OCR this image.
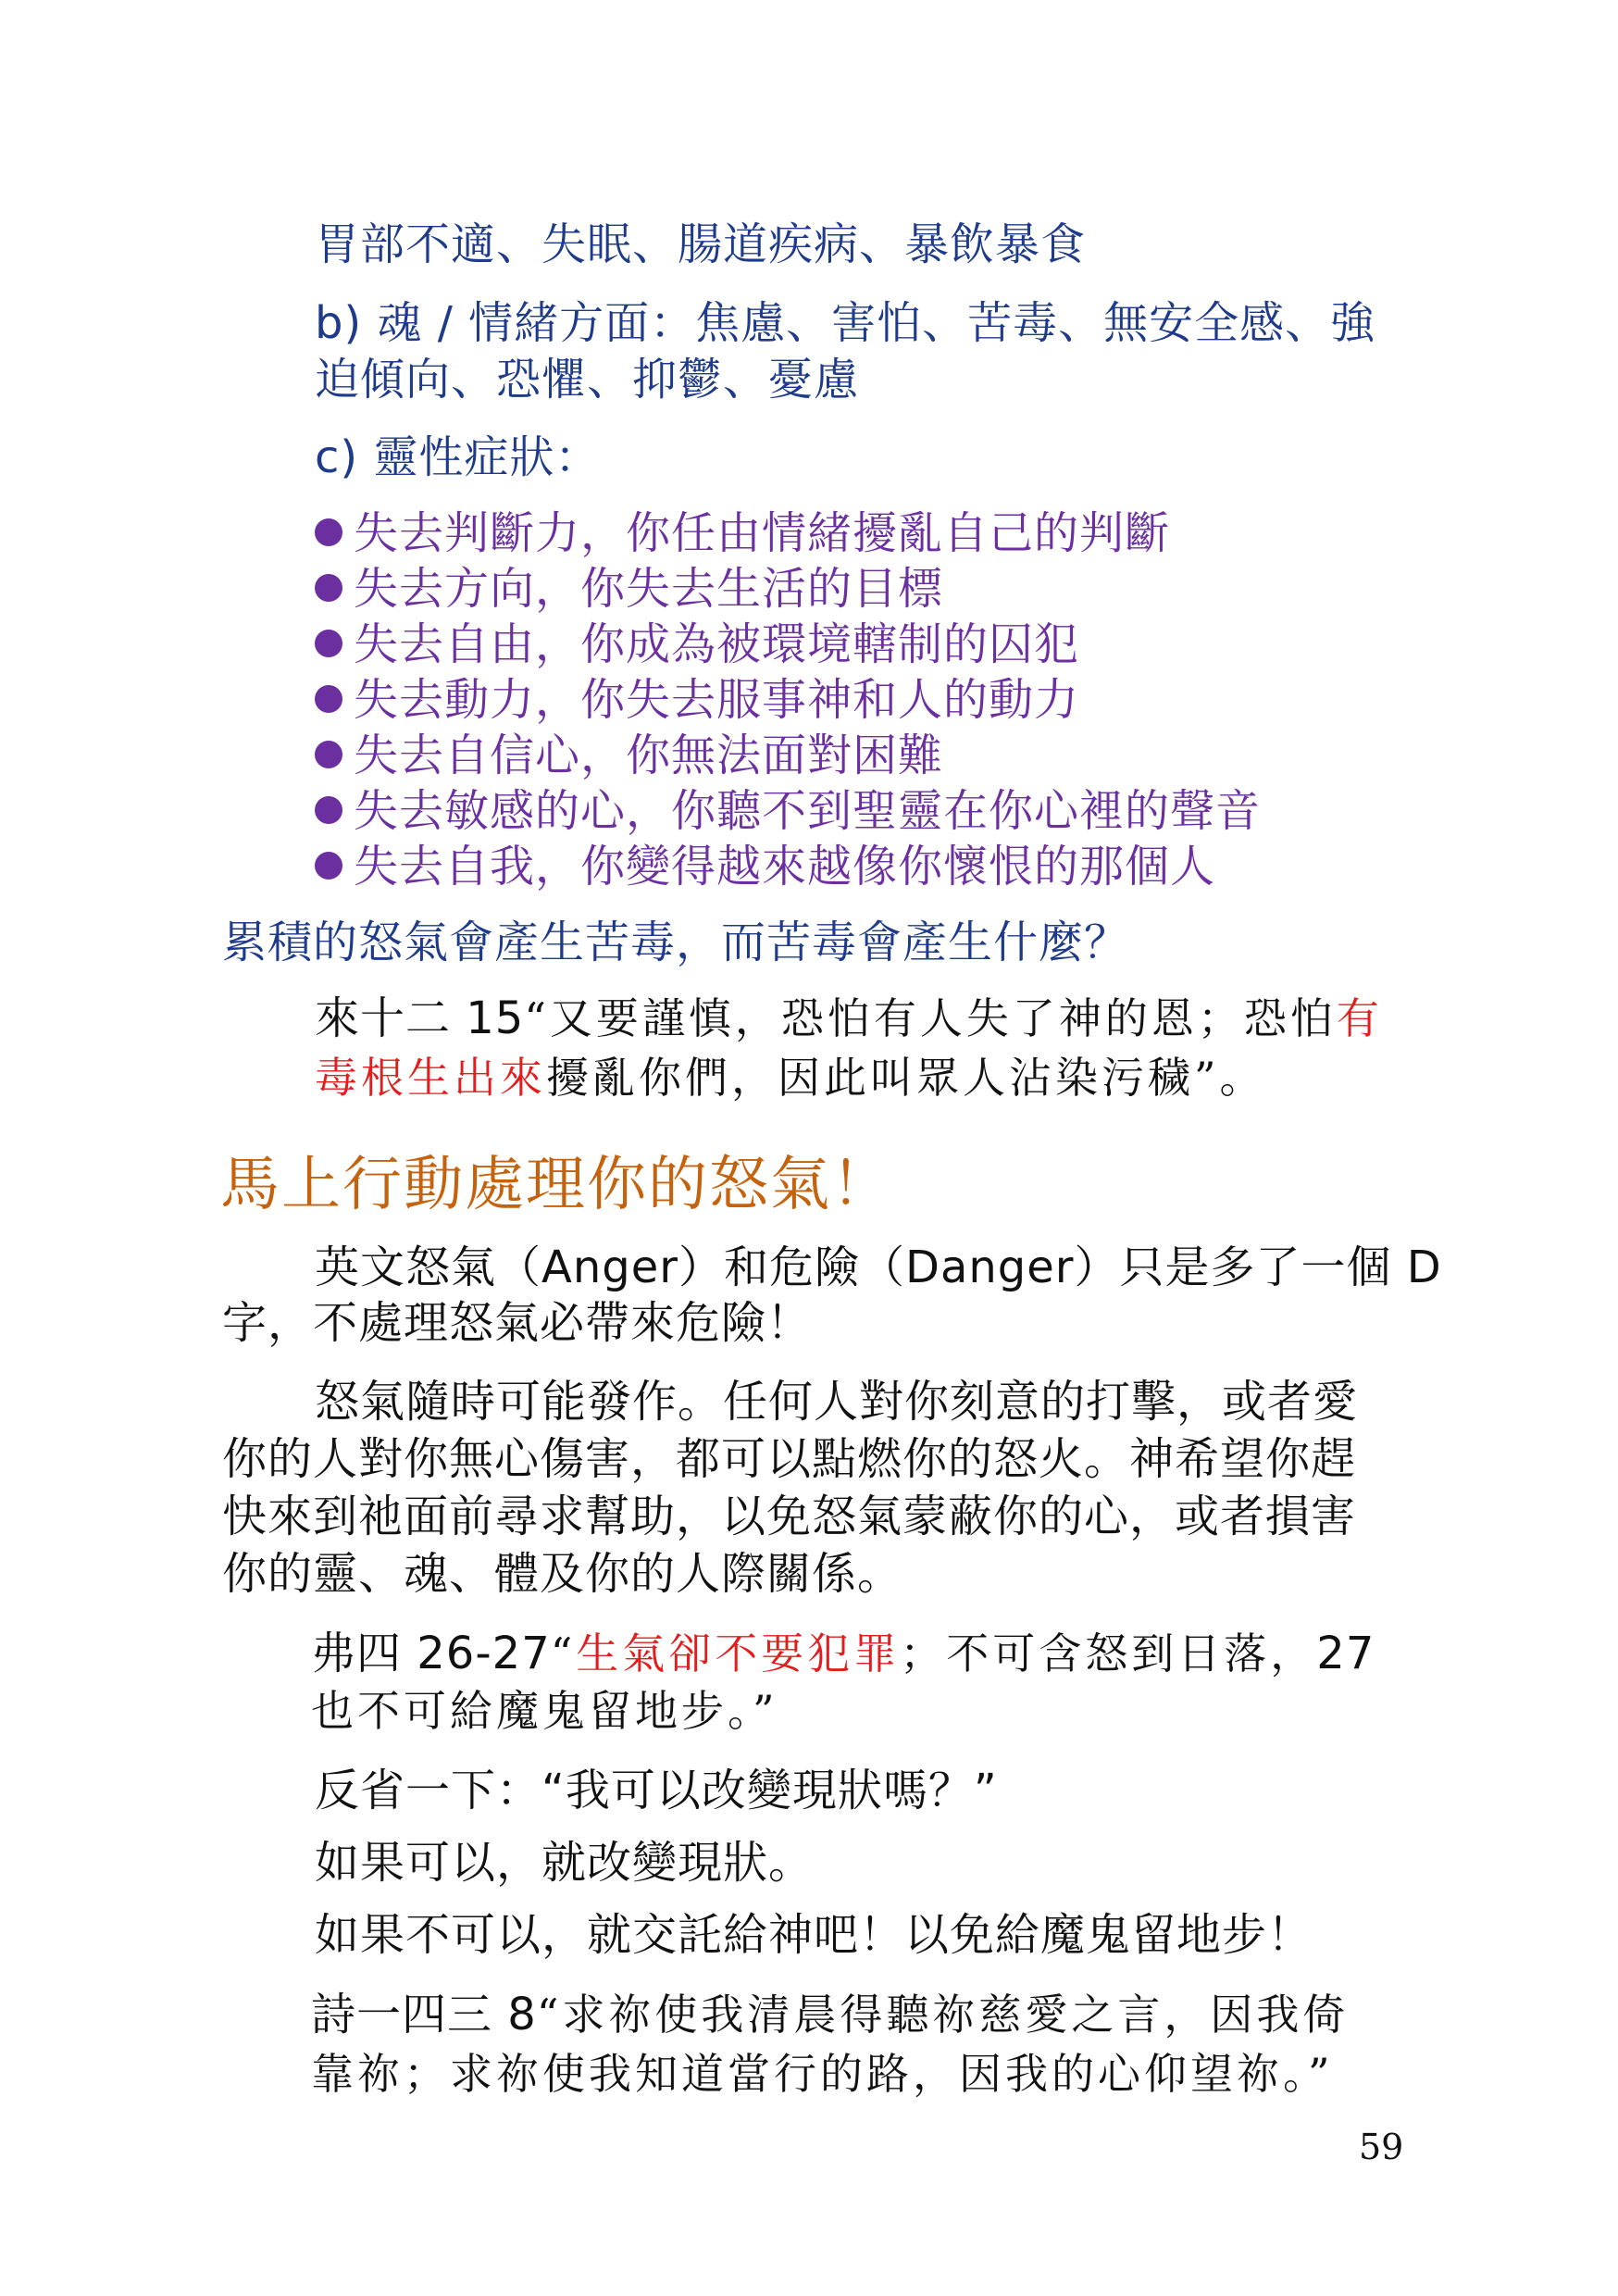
胃部不適、失眠、腸道疾病、暴飲暴食
b) 魂 / 情緒方面：焦慮、害怕、苦毒、無安全感、強
迫傾向、恐懼、抑鬱、憂慮
c) 靈性症狀：
失去判斷力，你任由情緒擾亂自己的判斷
失去方向，你失去生活的目標
失去自由，你成為被環境轄制的囚犯
失去動力，你失去服事神和人的動力
失去自信心，你無法面對困難
失去敏感的心，你聽不到聖靈在你心裡的聲音
失去自我，你變得越來越像你懷恨的那個人
累積的怒氣會產生苦毒，而苦毒會產生什麼？
來十二 15“又要謹慎，恐怕有人失了神的恩；恐怕有
毒根生出來擾亂你們，因此叫眾人沾染污穢”。
馬上行動處理你的怒氣！
英文怒氣（Anger）和危險（Danger）只是多了一個 D
字，不處理怒氣必帶來危險！
怒氣隨時可能發作。任何人對你刻意的打擊，或者愛
你的人對你無心傷害，都可以點燃你的怒火。神希望你趕
快來到祂面前尋求幫助，以免怒氣蒙蔽你的心，或者損害
你的靈、魂、體及你的人際關係。
弗四 26-27“生氣卻不要犯罪；不可含怒到日落，27
也不可給魔鬼留地步。”
反省一下：“我可以改變現狀嗎？”
如果可以，就改變現狀。
如果不可以，就交託給神吧！以免給魔鬼留地步！
詩一四三 8“求祢使我清晨得聽祢慈愛之言，因我倚
靠祢；求祢使我知道當行的路，因我的心仰望祢。”
59
